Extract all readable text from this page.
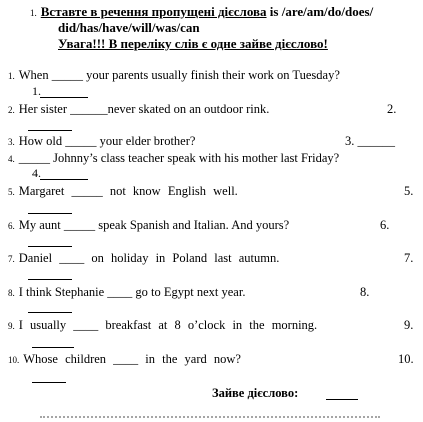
1. Вставте в речення пропущені дієслова is /are/am/do/does/
did/has/have/will/was/can
Увага!!! В переліку слів є одне зайве дієслово!
1. When _____ your parents usually finish their work on Tuesday?
1.
2. Her sister ______never skated on an outdoor rink.	2.
3. How old _____ your elder brother?	3. ______
4. _____ Johnny’s class teacher speak with his mother last Friday?
4.
5. Margaret _____ not know English well.	5.
6. My aunt _____ speak Spanish and Italian. And yours?	6.
7. Daniel ____ on holiday in Poland last autumn.	7.
8. I think Stephanie ____ go to Egypt next year.	8.
9. I usually ____ breakfast at 8 o’clock in the morning.	9.
10. Whose children ____ in the yard now?	10.
Зайве дієслово:
